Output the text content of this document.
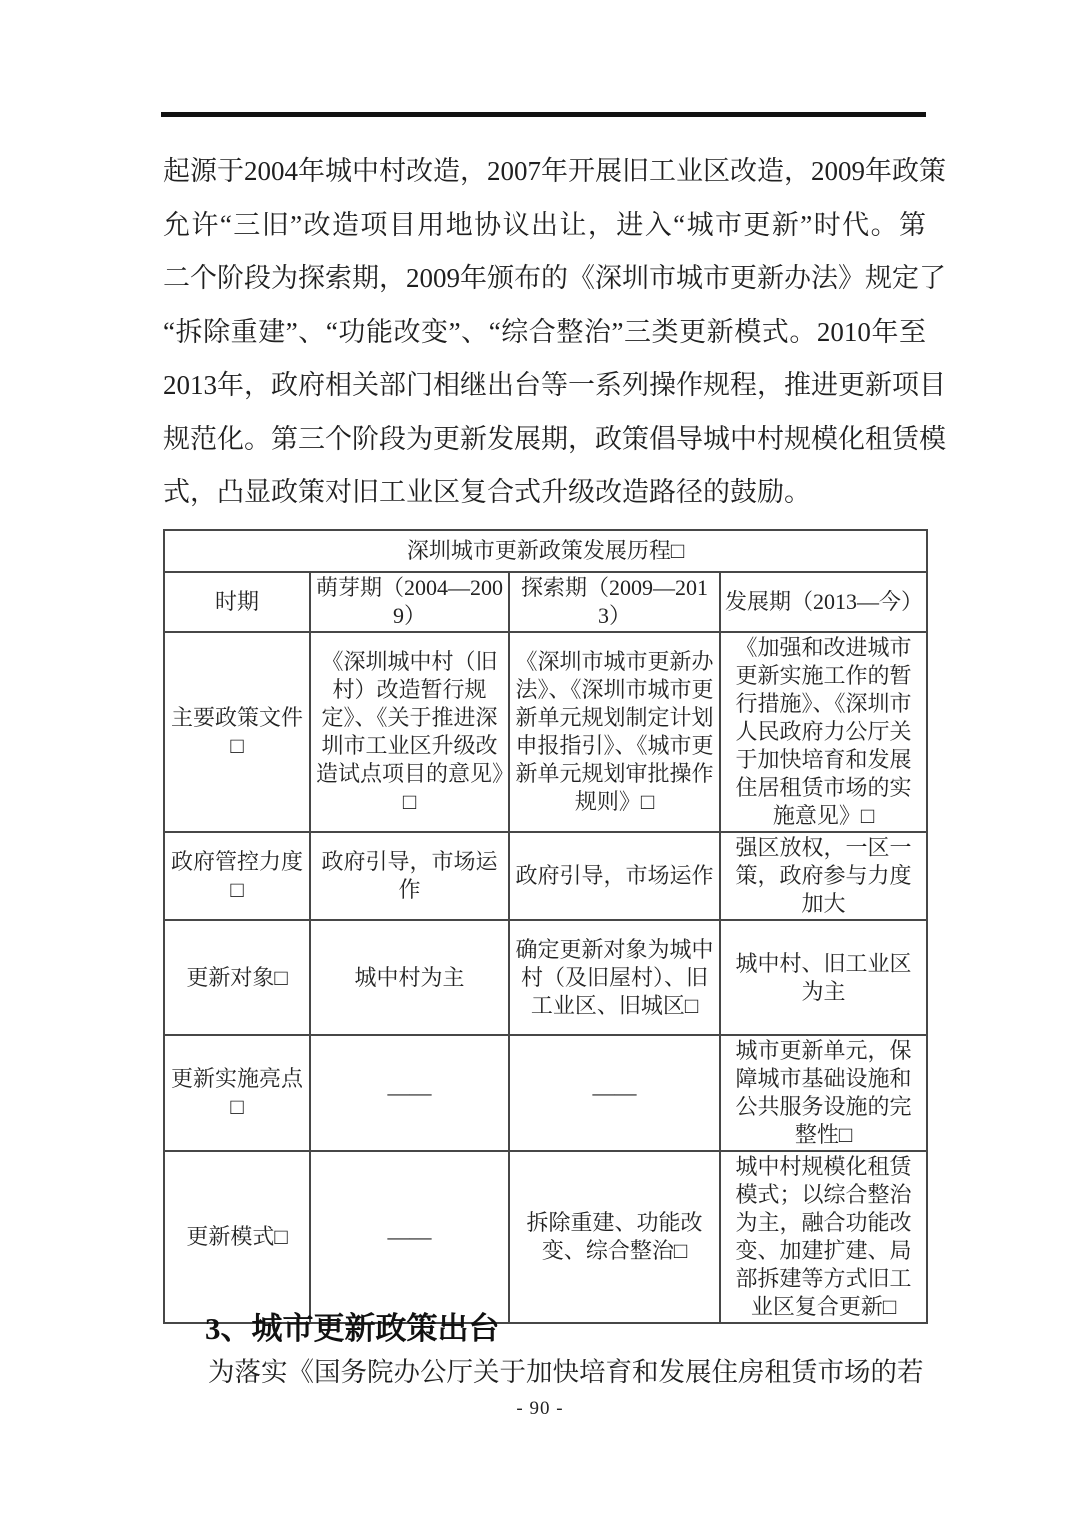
起源于2004年城中村改造，2007年开展旧工业区改造，2009年政策
允许“三旧”改造项目用地协议出让，进入“城市更新”时代。第
二个阶段为探索期，2009年颁布的《深圳市城市更新办法》规定了
“拆除重建”、“功能改变”、“综合整治”三类更新模式。2010年至
2013年，政府相关部门相继出台等一系列操作规程，推进更新项目
规范化。第三个阶段为更新发展期，政策倡导城中村规模化租赁模
式，凸显政策对旧工业区复合式升级改造路径的鼓励。
深圳城市更新政策发展历程□			
时期	萌芽期（2004—2009）	探索期（2009—2013）	发展期（2013—今）
主要政策文件□	《深圳城中村（旧村）改造暂行规定》、《关于推进深圳市工业区升级改造试点项目的意见》□	《深圳市城市更新办法》、《深圳市城市更新单元规划制定计划申报指引》、《城市更新单元规划审批操作规则》□	《加强和改进城市更新实施工作的暂行措施》、《深圳市人民政府力公厅关于加快培育和发展住居租赁市场的实施意见》□
政府管控力度□	政府引导，市场运作	政府引导，市场运作	强区放权，一区一策，政府参与力度加大
更新对象□	城中村为主	确定更新对象为城中村（及旧屋村）、旧工业区、旧城区□	城中村、旧工业区为主
更新实施亮点□	——	——	城市更新单元，保障城市基础设施和公共服务设施的完整性□
更新模式□	——	拆除重建、功能改变、综合整治□	城中村规模化租赁模式；以综合整治为主，融合功能改变、加建扩建、局部拆建等方式旧工业区复合更新□
3、城市更新政策出台

为落实《国务院办公厅关于加快培育和发展住房租赁市场的若

- 90 -
